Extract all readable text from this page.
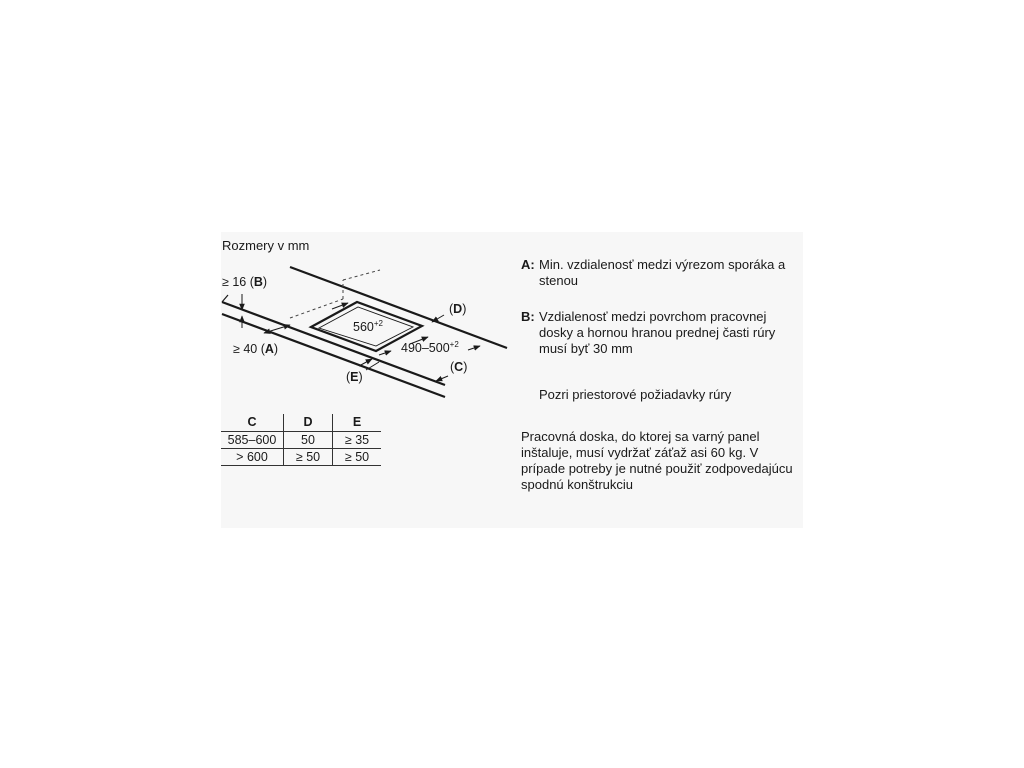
Rozmery v mm
≥ 16 (B)
≥ 40 (A)
(D)
(C)
(E)
$560^{+2}$
$490-500^{+2}$
C	D	E
585–600	50	≥ 35
> 600	≥ 50	≥ 50
A: Min. vzdialenosť medzi výrezom sporáka a stenou
B: Vzdialenosť medzi povrchom pracovnej dosky a hornou hranou prednej časti rúry musí byť 30 mm
Pozri priestorové požiadavky rúry
Pracovná doska, do ktorej sa varný panel inštaluje, musí vydržať záťaž asi 60 kg. V prípade potreby je nutné použiť zodpovedajúcu spodnú konštrukciu
